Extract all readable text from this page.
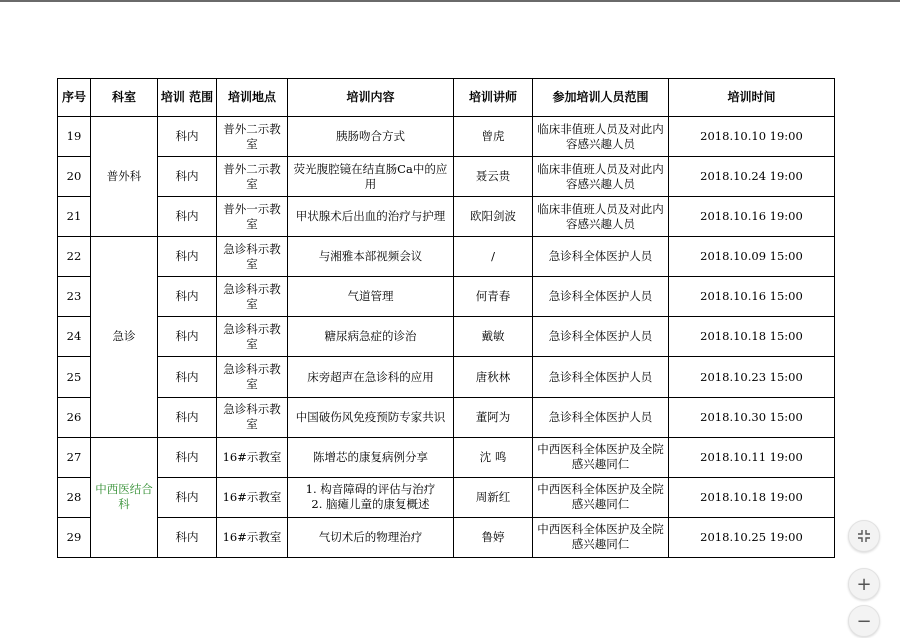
序号	科室	培训 范围	培训地点	培训内容	培训讲师	参加培训人员范围	培训时间
19	普外科	科内	普外二示教室	胰肠吻合方式	曾虎	临床非值班人员及对此内容感兴趣人员	2018.10.10 19:00
20		科内	普外二示教室	荧光腹腔镜在结直肠Ca中的应用	聂云贵	临床非值班人员及对此内容感兴趣人员	2018.10.24 19:00
21		科内	普外一示教室	甲状腺术后出血的治疗与护理	欧阳剑波	临床非值班人员及对此内容感兴趣人员	2018.10.16 19:00
22	急诊	科内	急诊科示教室	与湘雅本部视频会议	/	急诊科全体医护人员	2018.10.09 15:00
23		科内	急诊科示教室	气道管理	何青春	急诊科全体医护人员	2018.10.16 15:00
24		科内	急诊科示教室	糖尿病急症的诊治	戴敏	急诊科全体医护人员	2018.10.18 15:00
25		科内	急诊科示教室	床旁超声在急诊科的应用	唐秋林	急诊科全体医护人员	2018.10.23 15:00
26		科内	急诊科示教室	中国破伤风免疫预防专家共识	董阿为	急诊科全体医护人员	2018.10.30 15:00
27	中西医结合科	科内	16#示教室	陈增芯的康复病例分享	沈 鸣	中西医科全体医护及全院感兴趣同仁	2018.10.11 19:00
28		科内	16#示教室	1. 构音障碍的评估与治疗
2. 脑瘫儿童的康复概述	周新红	中西医科全体医护及全院感兴趣同仁	2018.10.18 19:00
29		科内	16#示教室	气切术后的物理治疗	鲁婷	中西医科全体医护及全院感兴趣同仁	2018.10.25 19:00
+
−
